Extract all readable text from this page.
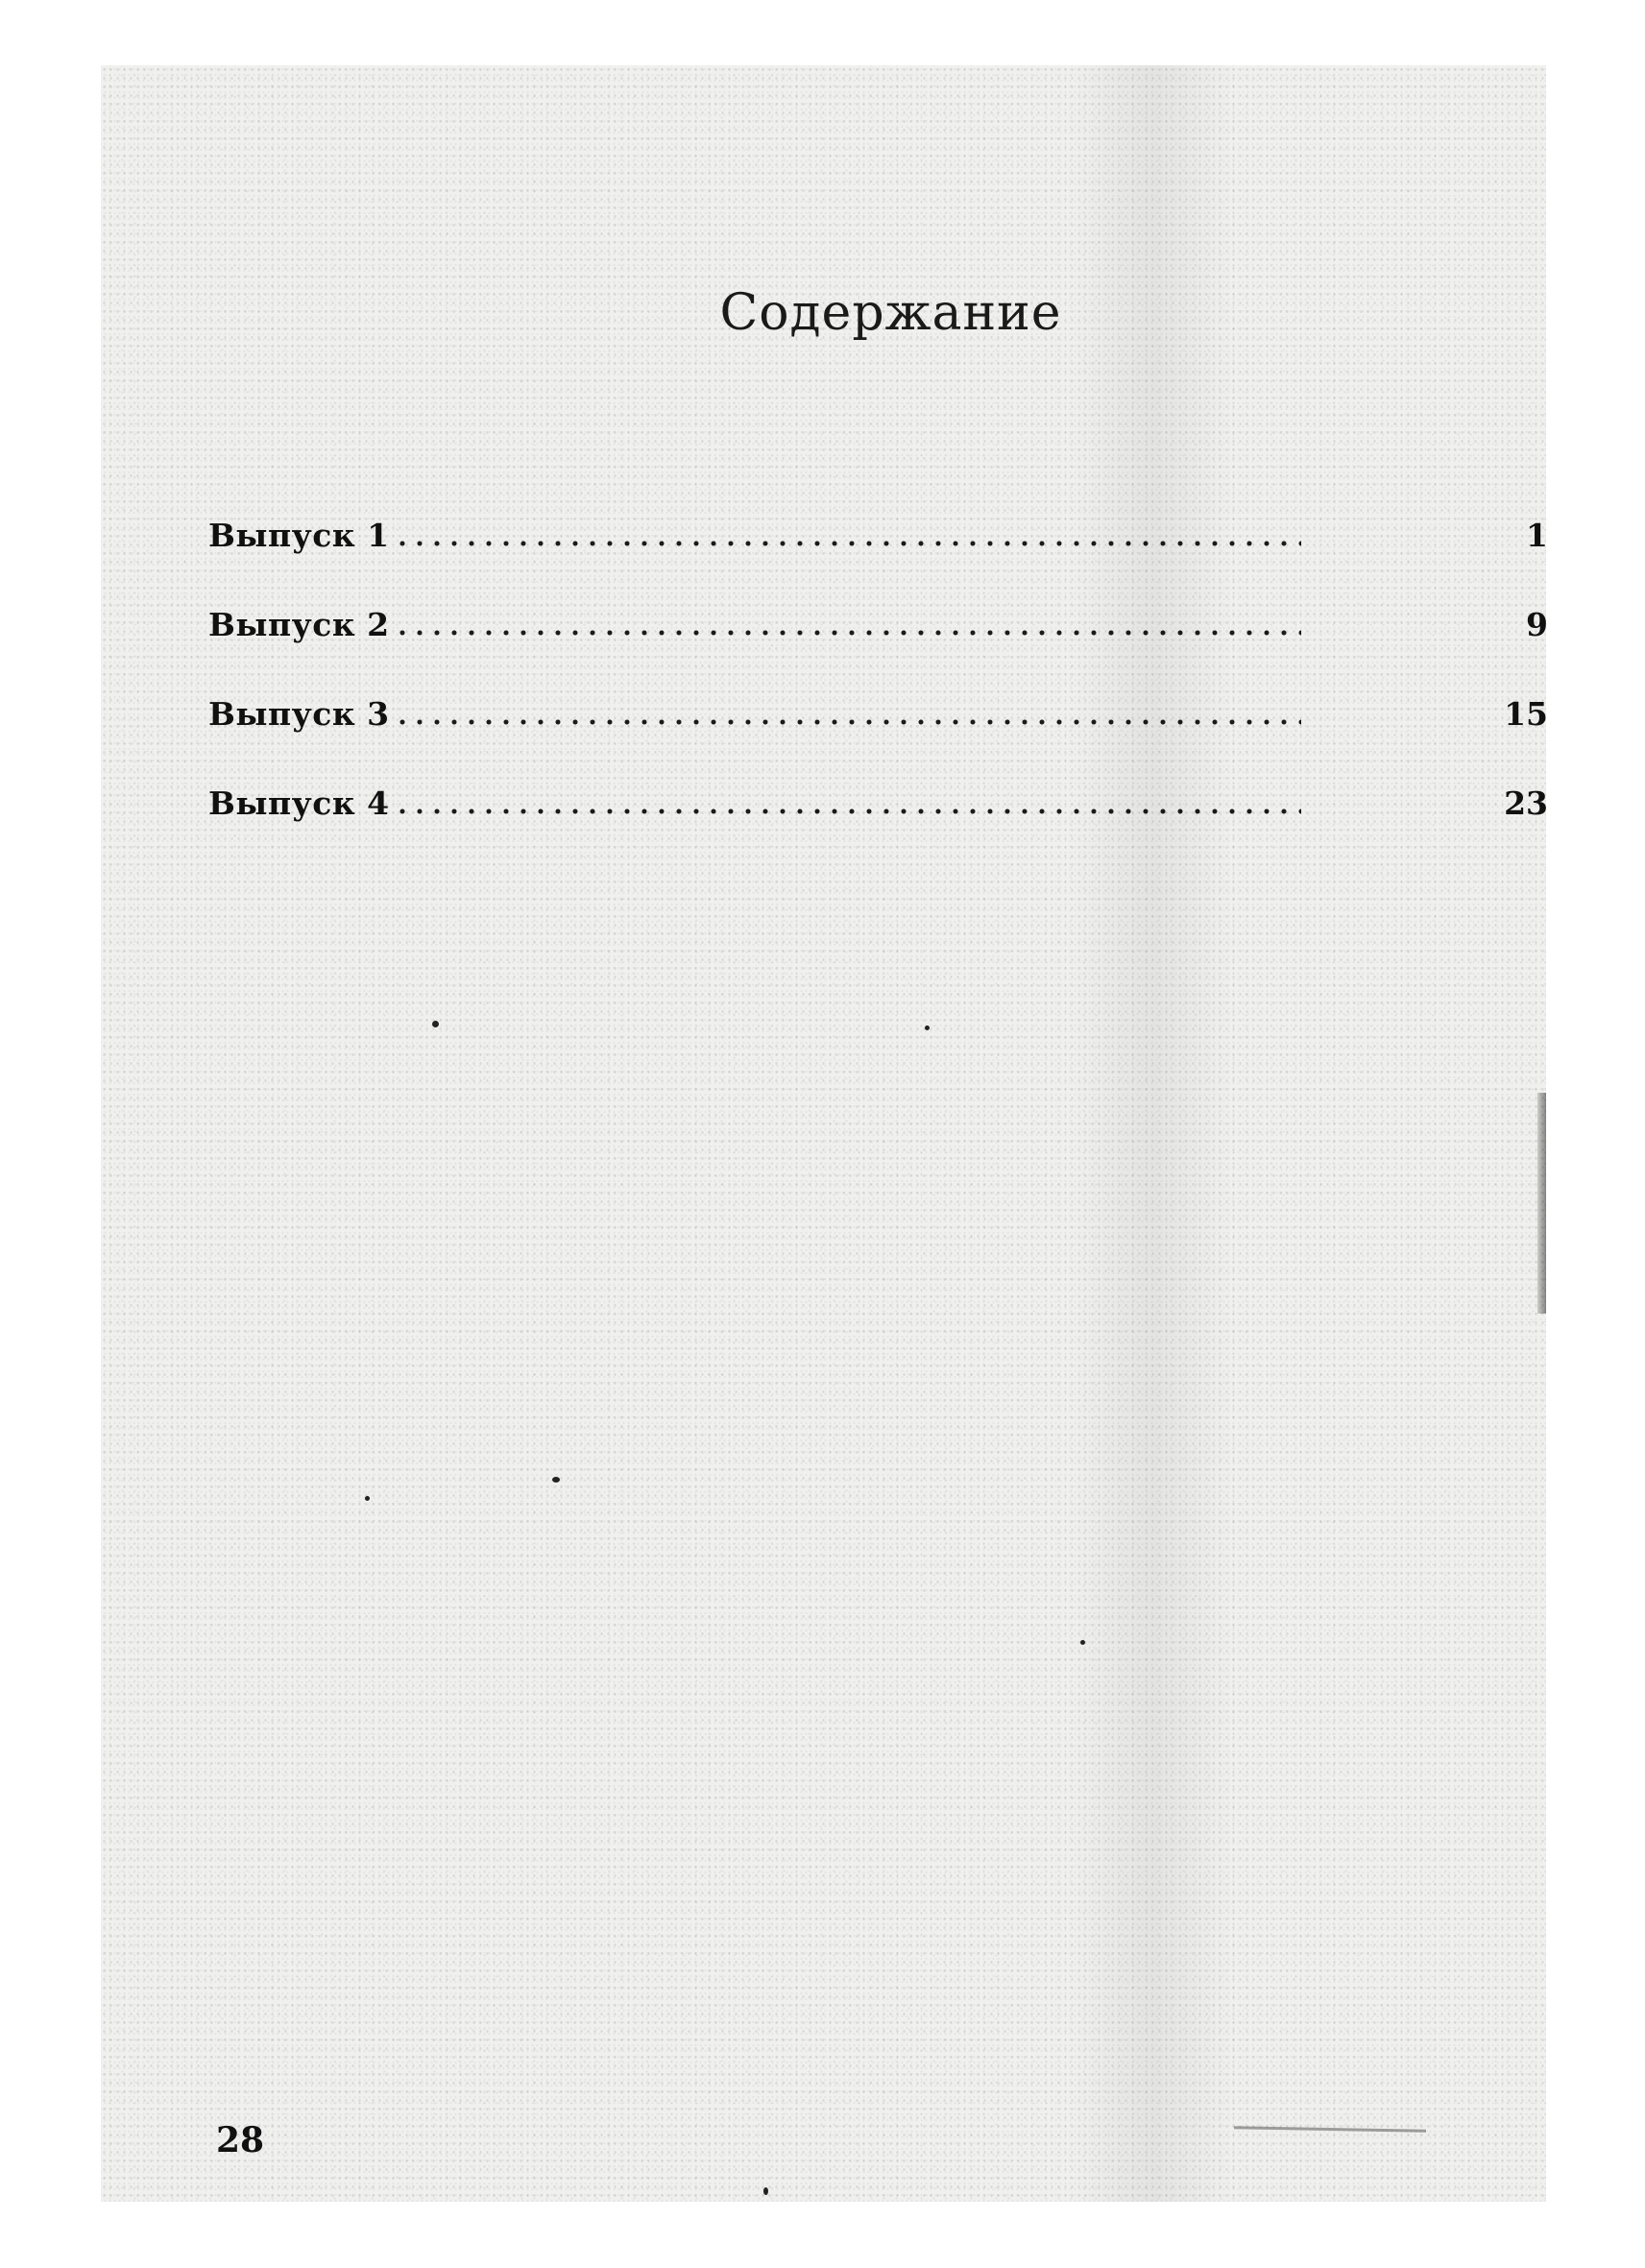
Содержание
Выпуск 1	1
Выпуск 2	9
Выпуск 3	15
Выпуск 4	23
28
